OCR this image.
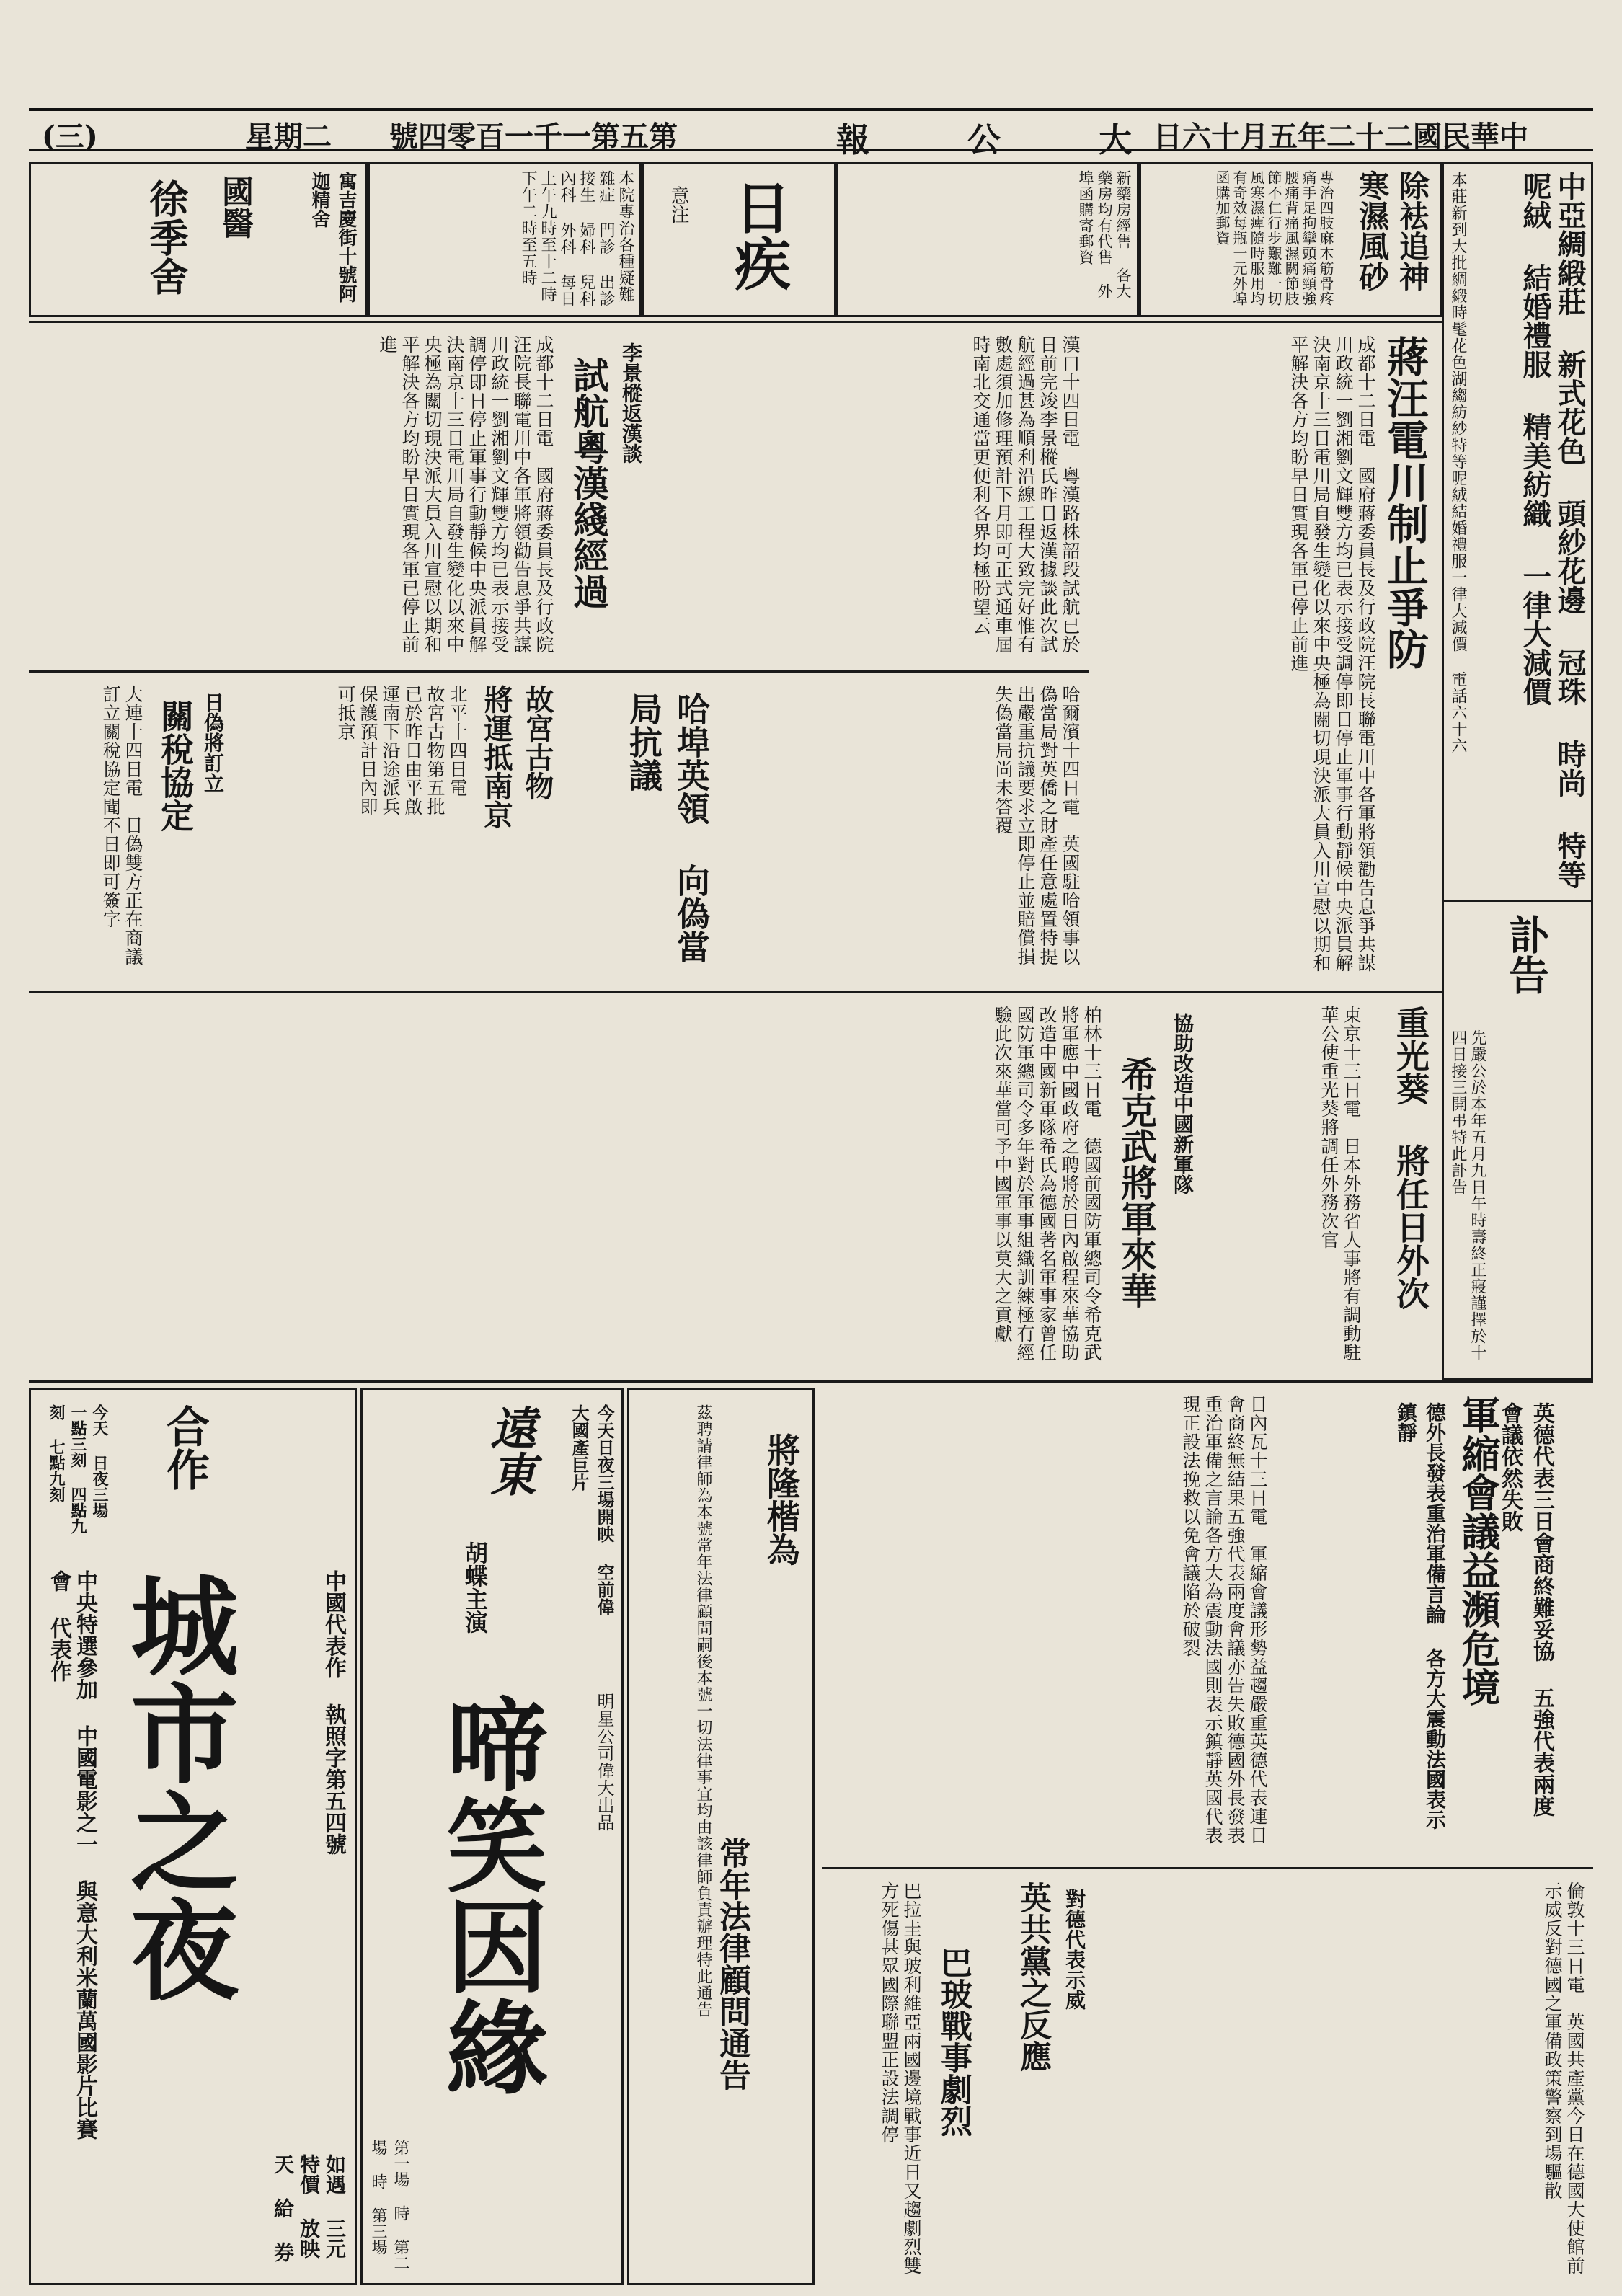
(三)	星期二 號四零百一千一第五第	報 公 大
日六十月五年二十二國民華中
寓吉慶街十號阿迦精舍
國醫
徐季舍	本院專治各種疑難雜症 門診 出診 接生 婦科 兒科 內科 外科 每日上午九時至十二時 下午二時至五時	日疾
意注	新藥房經售 各大藥房均有代售 外埠函購寄郵資	除袪追神 寒濕風砂
專治四肢麻木筋骨疼痛手足拘攣頭痛頸強腰痛背痛風濕關節肢節不仁行步艱難一切風寒濕痺隨時服用均有奇效每瓶一元外埠函購加郵資	中亞綢緞莊 新式花色 頭紗花邊 冠珠 時尚 特等呢絨 結婚禮服 精美紡織 一律大減價
本莊新到大批綢緞時髦花色湖縐紡紗特等呢絨結婚禮服一律大減價 電話六十六
訃告
先嚴公於本年五月九日午時壽終正寢謹擇於十四日接三開弔特此訃告
蔣汪電川制止爭防
成都十二日電　國府蔣委員長及行政院汪院長聯電川中各軍將領勸告息爭共謀川政統一劉湘劉文輝雙方均已表示接受調停即日停止軍事行動靜候中央派員解決南京十三日電川局自發生變化以來中央極為關切現決派大員入川宣慰以期和平解決各方均盼早日實現各軍已停止前進
試航粵漢綫經過 李景樅返漢談	漢口十四日電　粵漢路株韶段試航已於日前完竣李景樅氏昨日返漢據談此次試航經過甚為順利沿線工程大致完好惟有數處須加修理預計下月即可正式通車屆時南北交通當更便利各界均極盼望云
成都十二日電　國府蔣委員長及行政院汪院長聯電川中各軍將領勸告息爭共謀川政統一劉湘劉文輝雙方均已表示接受調停即日停止軍事行動靜候中央派員解決南京十三日電川局自發生變化以來中央極為關切現決派大員入川宣慰以期和平解決各方均盼早日實現各軍已停止前進
哈埠英領 向偽當局抗議	哈爾濱十四日電　英國駐哈領事以偽當局對英僑之財產任意處置特提出嚴重抗議要求立即停止並賠償損失偽當局尚未答覆
故宮古物 將運抵南京
北平十四日電　故宮古物第五批已於昨日由平啟運南下沿途派兵保護預計日內即可抵京
關稅協定 日偽將訂立
大連十四日電　日偽雙方正在商議訂立關稅協定聞不日即可簽字
重光葵 將任日外次
東京十三日電　日本外務省人事將有調動駐華公使重光葵將調任外務次官
希克武將軍來華 協助改造中國新軍隊
柏林十三日電　德國前國防軍總司令希克武將軍應中國政府之聘將於日內啟程來華協助改造中國新軍隊希氏為德國著名軍事家曾任國防軍總司令多年對於軍事組織訓練極有經驗此次來華當可予中國軍事以莫大之貢獻
軍縮會議益瀕危境	英德代表三日會商終難妥協 五強代表兩度會議依然失敗
德外長發表重治軍備言論 各方大震動法國表示鎮靜
日內瓦十三日電　軍縮會議形勢益趨嚴重英德代表連日會商終無結果五強代表兩度會議亦告失敗德國外長發表重治軍備之言論各方大為震動法國則表示鎮靜英國代表現正設法挽救以免會議陷於破裂
英共黨之反應 對德代表示威	倫敦十三日電　英國共產黨今日在德國大使館前示威反對德國之軍備政策警察到場驅散
巴玻戰事劇烈
巴拉圭與玻利維亞兩國邊境戰事近日又趨劇烈雙方死傷甚眾國際聯盟正設法調停
將隆楷為
常年法律顧問通告
茲聘請律師為本號常年法律顧問嗣後本號一切法律事宜均由該律師負責辦理特此通告
遠東	今天日夜三場開映 空前偉大國產巨片
胡蝶主演
啼笑因緣	明星公司偉大出品
第一場 時 第二場 時 第三場
合作
今天 日夜三場 一點三刻 四點九刻 七點九刻
中國代表作 執照字第五四號
城市之夜
中央特選參加 中國電影之一 與意大利米蘭萬國影片比賽會 代表作
如遇 三元 特價 放映 天 給 券
